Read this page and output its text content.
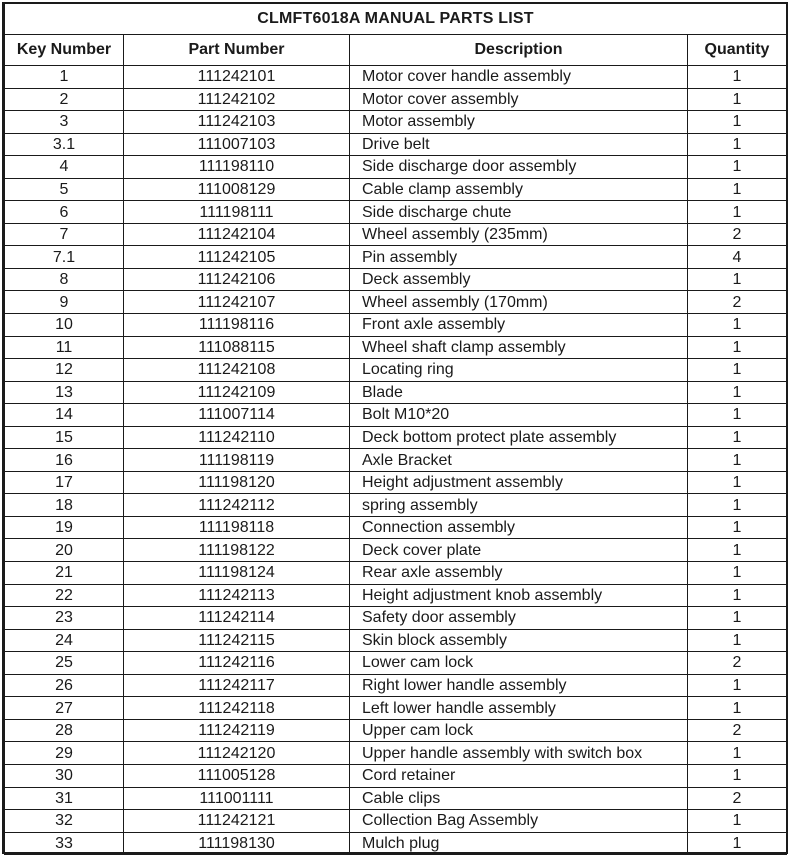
CLMFT6018A MANUAL PARTS LIST			
Key Number	Part Number	Description	Quantity
1	111242101	Motor cover handle assembly	1
2	111242102	Motor cover assembly	1
3	111242103	Motor assembly	1
3.1	111007103	Drive belt	1
4	111198110	Side discharge door assembly	1
5	111008129	Cable clamp assembly	1
6	111198111	Side discharge chute	1
7	111242104	Wheel assembly (235mm)	2
7.1	111242105	Pin assembly	4
8	111242106	Deck assembly	1
9	111242107	Wheel assembly (170mm)	2
10	111198116	Front axle assembly	1
11	111088115	Wheel shaft clamp assembly	1
12	111242108	Locating ring	1
13	111242109	Blade	1
14	111007114	Bolt M10*20	1
15	111242110	Deck bottom protect plate assembly	1
16	111198119	Axle Bracket	1
17	111198120	Height adjustment assembly	1
18	111242112	spring assembly	1
19	111198118	Connection assembly	1
20	111198122	Deck cover plate	1
21	111198124	Rear axle assembly	1
22	111242113	Height adjustment knob assembly	1
23	111242114	Safety door assembly	1
24	111242115	Skin block assembly	1
25	111242116	Lower cam lock	2
26	111242117	Right lower handle assembly	1
27	111242118	Left lower handle assembly	1
28	111242119	Upper cam lock	2
29	111242120	Upper handle assembly with switch box	1
30	111005128	Cord retainer	1
31	111001111	Cable clips	2
32	111242121	Collection Bag Assembly	1
33	111198130	Mulch plug	1
